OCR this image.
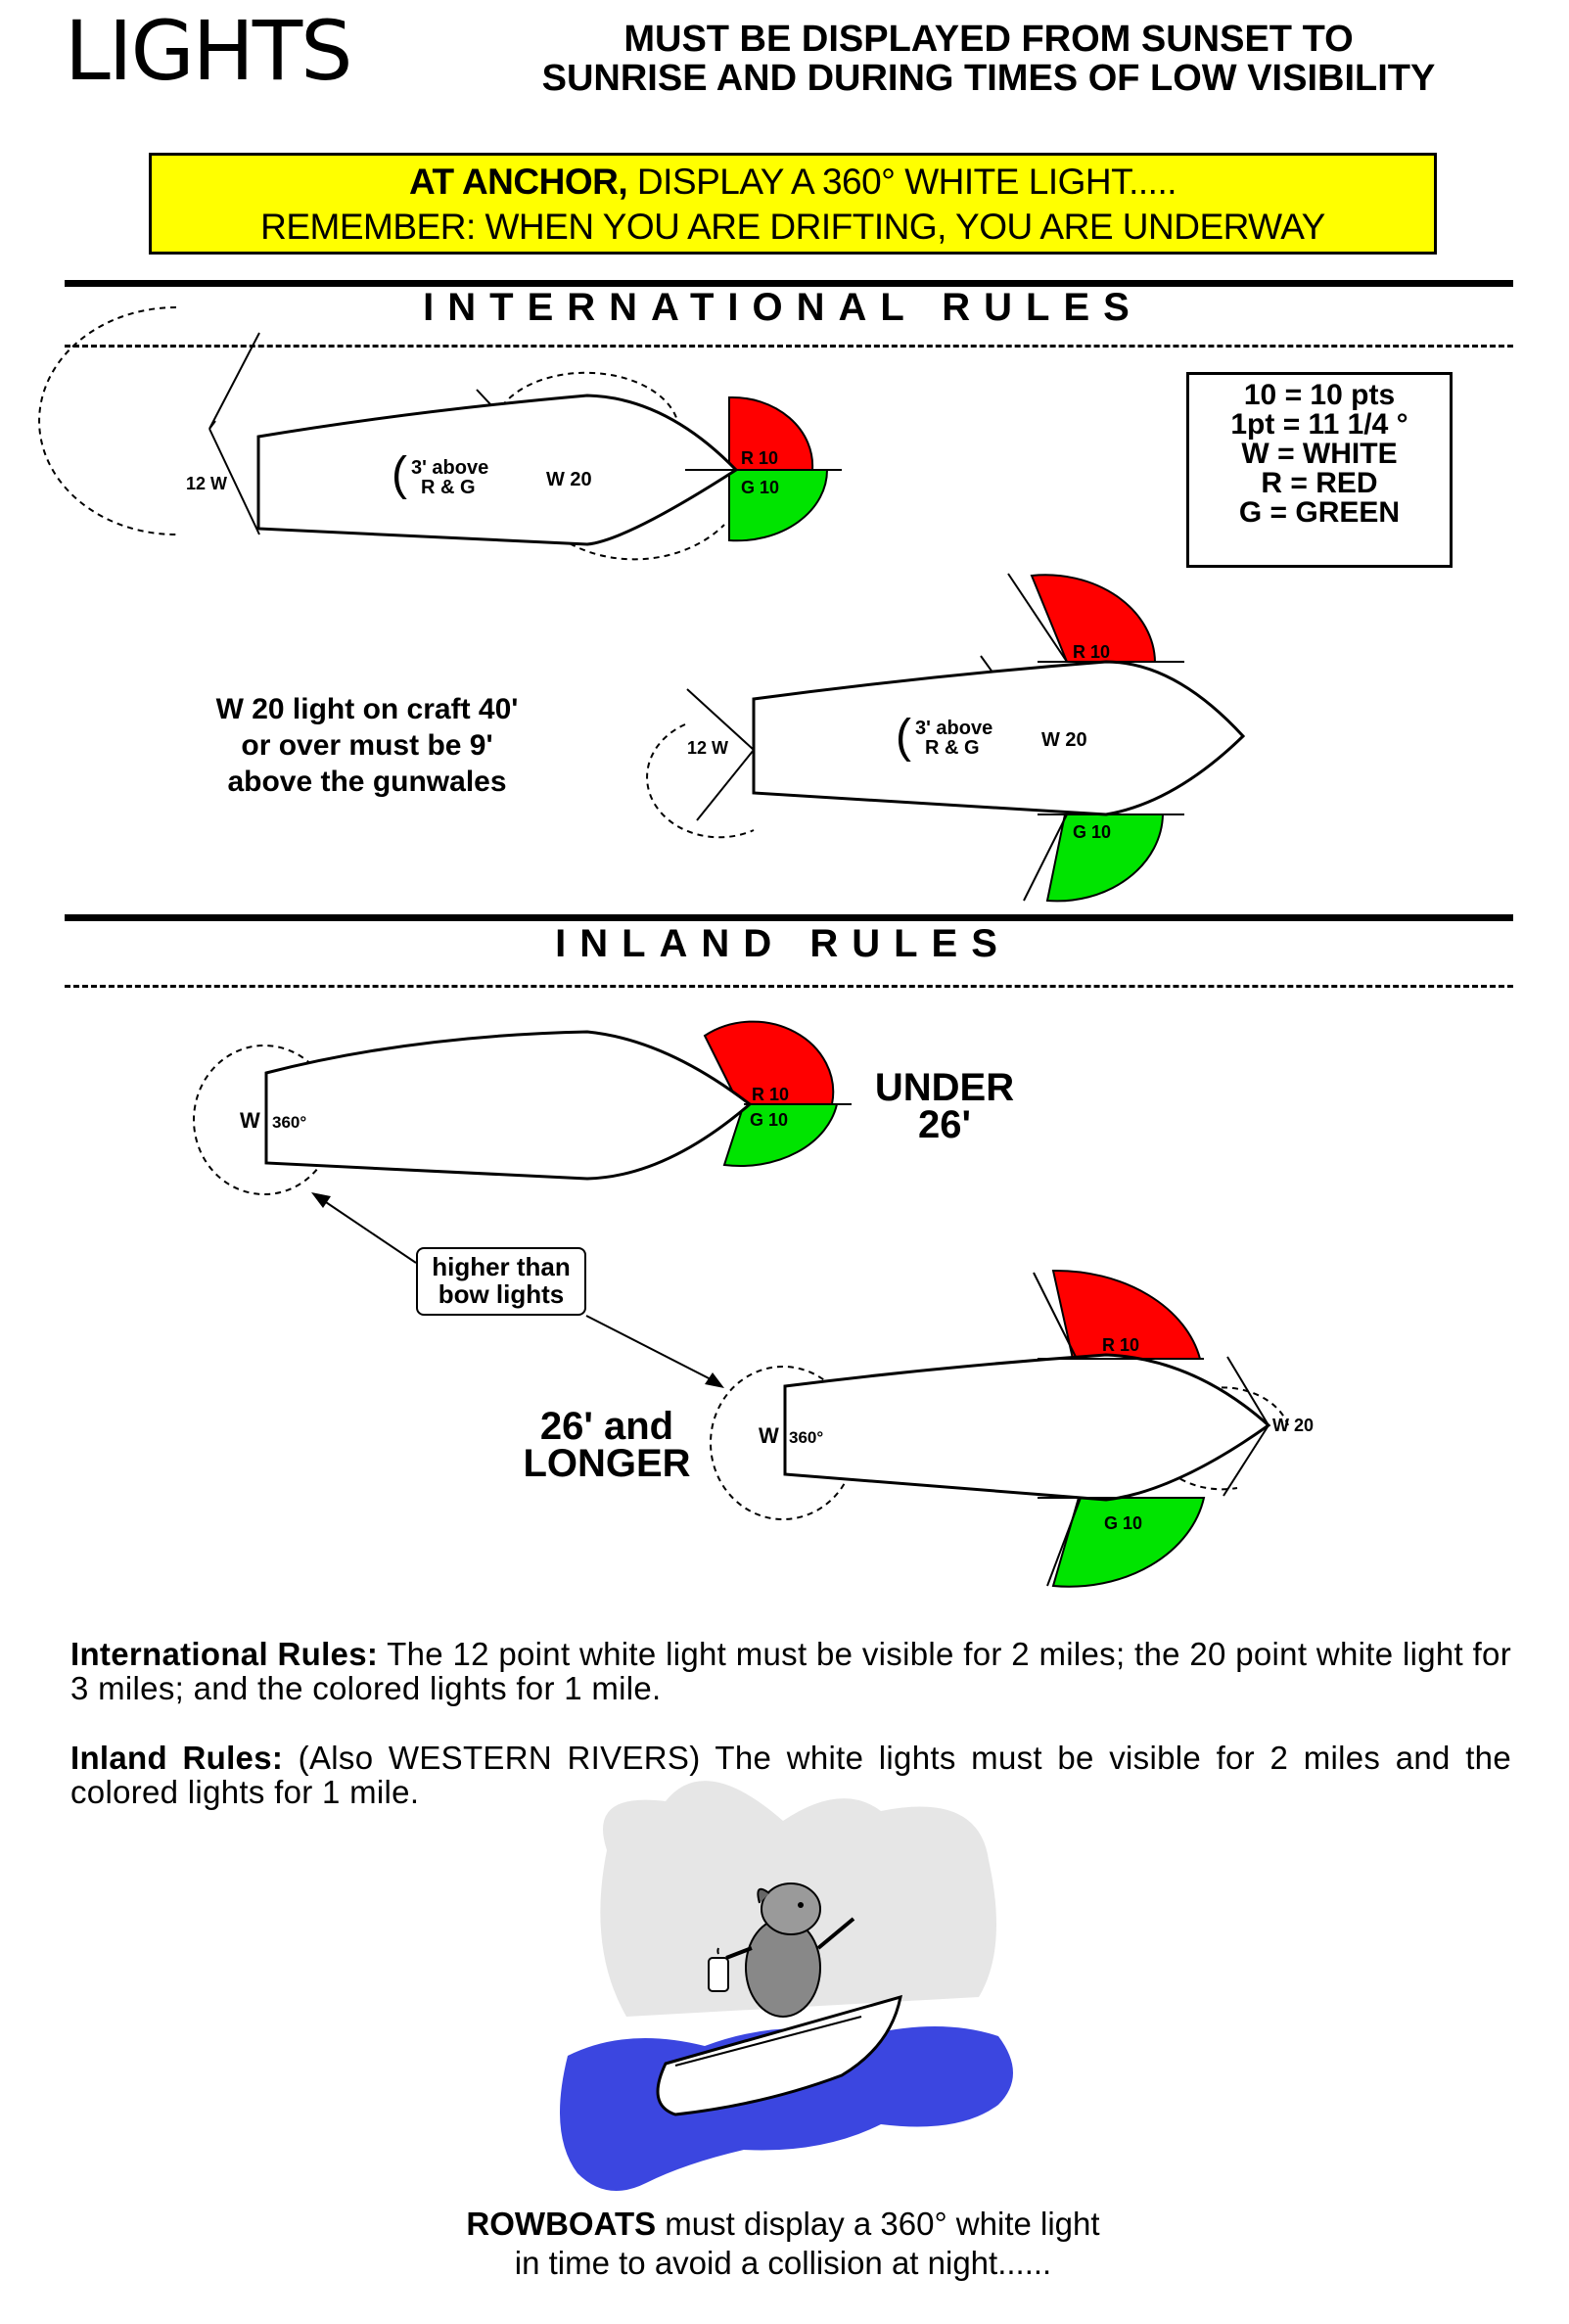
LIGHTS	MUST BE DISPLAYED FROM SUNSET TO
SUNRISE AND DURING TIMES OF LOW VISIBILITY
AT ANCHOR, DISPLAY A 360° WHITE LIGHT.....
REMEMBER: WHEN YOU ARE DRIFTING, YOU ARE UNDERWAY
INTERNATIONAL RULES
10 = 10 pts
1pt = 11 1/4 °
W = WHITE
R = RED
G = GREEN
W 20 light on craft 40'
or over must be 9'
above the gunwales
INLAND RULES
UNDER
26'
26' and
LONGER
higher than
bow lights
12 W	( 3' above
R & G	W 20
R 10
G 10
12 W	( 3' above
R & G	W 20
R 10
G 10
W 360°
R 10
G 10
W 360°
W 20
R 10
G 10
International Rules: The 12 point white light must be visible for 2 miles; the 20 point white light for 3 miles; and the colored lights for 1 mile.
Inland Rules: (Also WESTERN RIVERS) The white lights must be visible for 2 miles and the colored lights for 1 mile.
ROWBOATS must display a 360° white light
in time to avoid a collision at night......
